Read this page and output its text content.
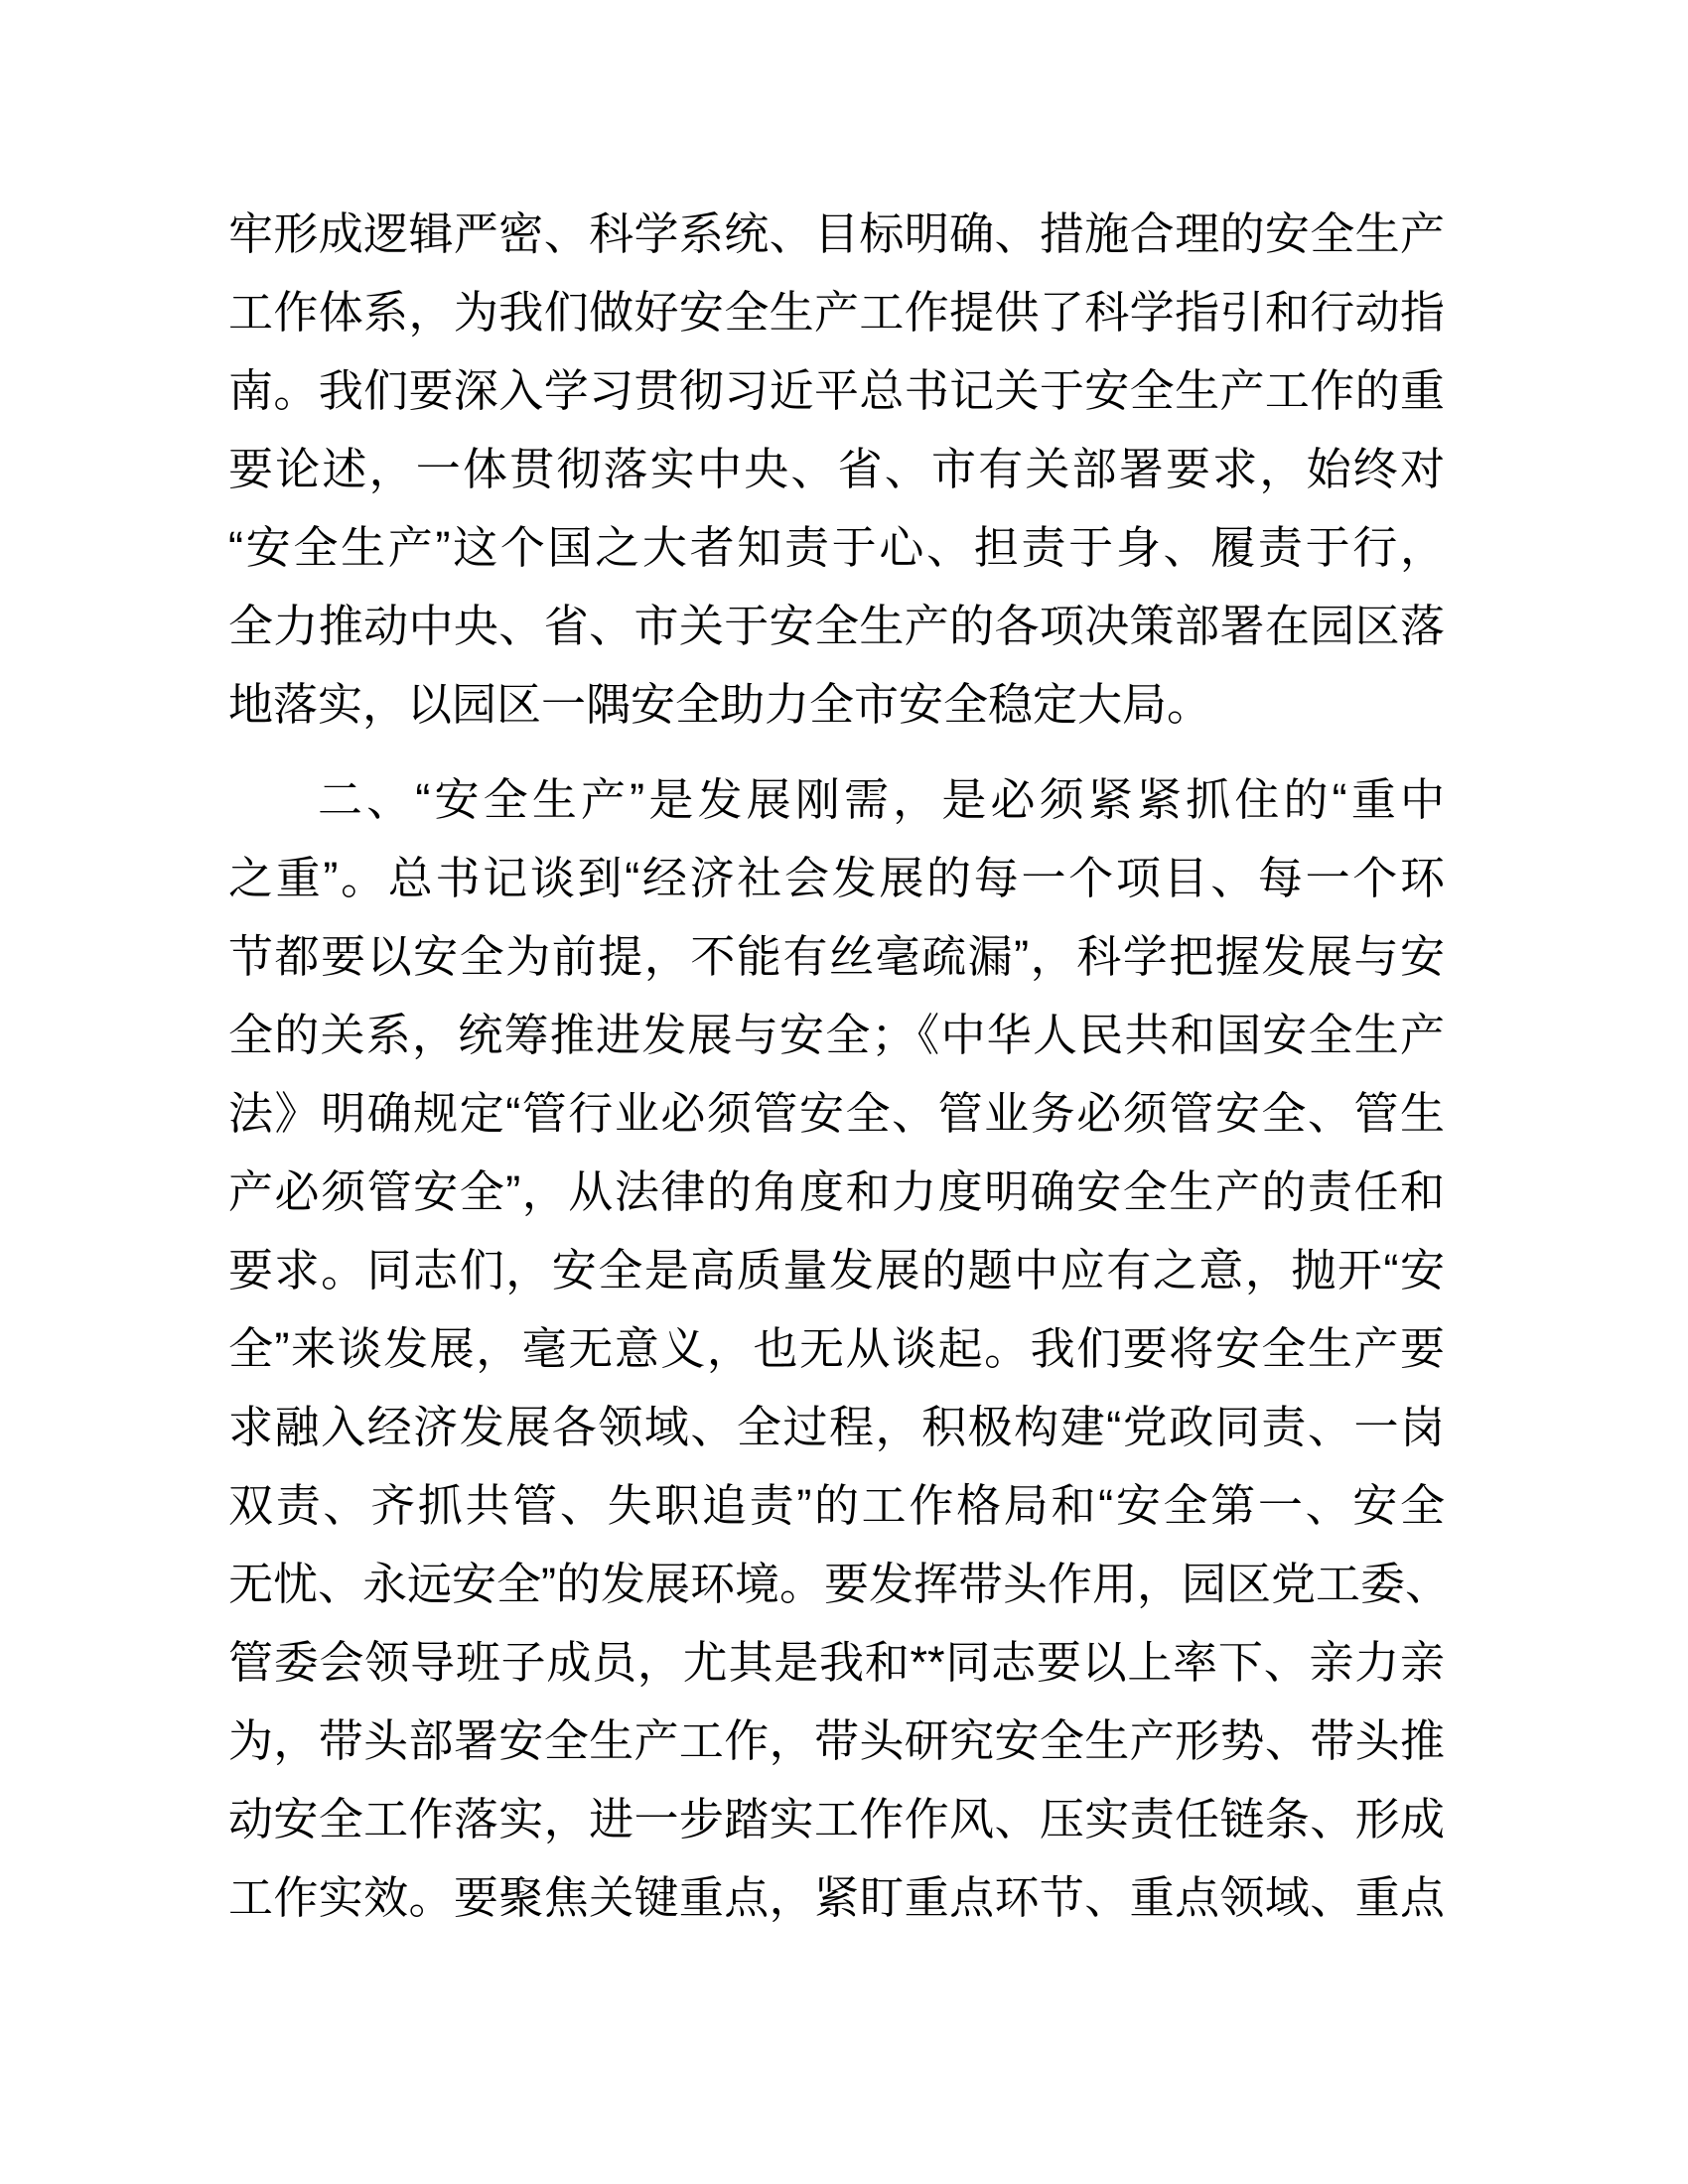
牢形成逻辑严密、科学系统、目标明确、措施合理的安全生产
工作体系，为我们做好安全生产工作提供了科学指引和行动指
南。我们要深入学习贯彻习近平总书记关于安全生产工作的重
要论述，一体贯彻落实中央、省、市有关部署要求，始终对
“安全生产”这个国之大者知责于心、担责于身、履责于行，
全力推动中央、省、市关于安全生产的各项决策部署在园区落
地落实，以园区一隅安全助力全市安全稳定大局。
二、“安全生产”是发展刚需，是必须紧紧抓住的“重中
之重”。总书记谈到“经济社会发展的每一个项目、每一个环
节都要以安全为前提，不能有丝毫疏漏”，科学把握发展与安
全的关系，统筹推进发展与安全；《中华人民共和国安全生产
法》明确规定“管行业必须管安全、管业务必须管安全、管生
产必须管安全”，从法律的角度和力度明确安全生产的责任和
要求。同志们，安全是高质量发展的题中应有之意，抛开“安
全”来谈发展，毫无意义，也无从谈起。我们要将安全生产要
求融入经济发展各领域、全过程，积极构建“党政同责、一岗
双责、齐抓共管、失职追责”的工作格局和“安全第一、安全
无忧、永远安全”的发展环境。要发挥带头作用，园区党工委、
管委会领导班子成员，尤其是我和**同志要以上率下、亲力亲
为，带头部署安全生产工作，带头研究安全生产形势、带头推
动安全工作落实，进一步踏实工作作风、压实责任链条、形成
工作实效。要聚焦关键重点，紧盯重点环节、重点领域、重点
